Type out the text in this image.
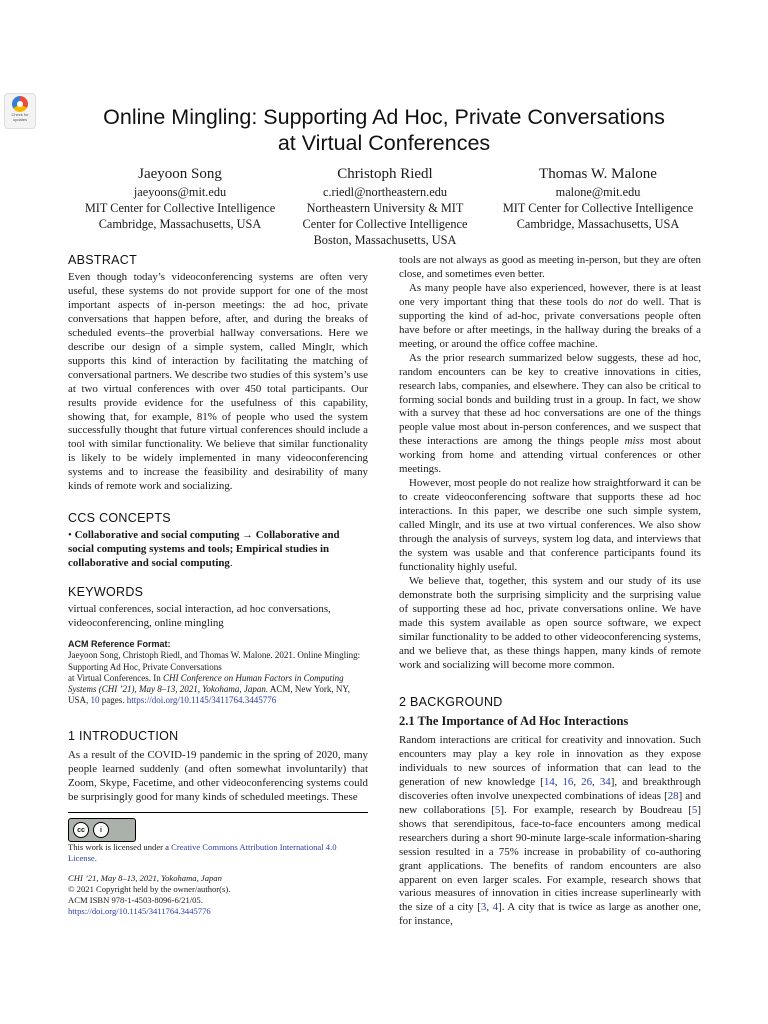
Check for
updates	Online Mingling: Supporting Ad Hoc, Private Conversations
at Virtual Conferences
Jaeyoon Song
jaeyoons@mit.edu
MIT Center for Collective Intelligence
Cambridge, Massachusetts, USA
Christoph Riedl
c.riedl@northeastern.edu
Northeastern University & MIT
Center for Collective Intelligence
Boston, Massachusetts, USA
Thomas W. Malone
malone@mit.edu
MIT Center for Collective Intelligence
Cambridge, Massachusetts, USA
ABSTRACT

Even though today’s videoconferencing systems are often very useful, these systems do not provide support for one of the most important aspects of in-person meetings: the ad hoc, private conversations that happen before, after, and during the breaks of scheduled events–the proverbial hallway conversations. Here we describe our design of a simple system, called Minglr, which supports this kind of interaction by facilitating the matching of conversational partners. We describe two studies of this system’s use at two virtual conferences with over 450 total participants. Our results provide evidence for the usefulness of this capability, showing that, for example, 81% of people who used the system successfully thought that future virtual conferences should include a tool with similar functionality. We believe that similar functionality is likely to be widely implemented in many videoconferencing systems and to increase the feasibility and desirability of many kinds of remote work and socializing.

CCS CONCEPTS
• Collaborative and social computing → Collaborative and social computing systems and tools; Empirical studies in collaborative and social computing.
KEYWORDS
virtual conferences, social interaction, ad hoc conversations, videoconferencing, online mingling
ACM Reference Format:
Jaeyoon Song, Christoph Riedl, and Thomas W. Malone. 2021. Online Mingling: Supporting Ad Hoc, Private Conversations
at Virtual Conferences. In CHI Conference on Human Factors in Computing Systems (CHI ’21), May 8–13, 2021, Yokohama, Japan. ACM, New York, NY, USA, 10 pages. https://doi.org/10.1145/3411764.3445776
1 INTRODUCTION

As a result of the COVID-19 pandemic in the spring of 2020, many people learned suddenly (and often somewhat involuntarily) that Zoom, Skype, Facetime, and other videoconferencing systems could be surprisingly good for many kinds of scheduled meetings. These

cc	i
This work is licensed under a Creative Commons Attribution International 4.0 License.
CHI ’21, May 8–13, 2021, Yokohama, Japan
© 2021 Copyright held by the owner/author(s).
ACM ISBN 978-1-4503-8096-6/21/05.
https://doi.org/10.1145/3411764.3445776

tools are not always as good as meeting in-person, but they are often close, and sometimes even better.

As many people have also experienced, however, there is at least one very important thing that these tools do not do well. That is supporting the kind of ad-hoc, private conversations people often have before or after meetings, in the hallway during the breaks of a meeting, or around the office coffee machine.

As the prior research summarized below suggests, these ad hoc, random encounters can be key to creative innovations in cities, research labs, companies, and elsewhere. They can also be critical to forming social bonds and building trust in a group. In fact, we show with a survey that these ad hoc conversations are one of the things people value most about in-person conferences, and we suspect that these interactions are among the things people miss most about working from home and attending virtual conferences or other meetings.

However, most people do not realize how straightforward it can be to create videoconferencing software that supports these ad hoc interactions. In this paper, we describe one such simple system, called Minglr, and its use at two virtual conferences. We also show through the analysis of surveys, system log data, and interviews that the system was usable and that conference participants found its functionality highly useful.

We believe that, together, this system and our study of its use demonstrate both the surprising simplicity and the surprising value of supporting these ad hoc, private conversations online. We have made this system available as open source software, we expect similar functionality to be added to other videoconferencing systems, and we believe that, as these things happen, many kinds of remote work and socializing will become more common.

2 BACKGROUND
2.1 The Importance of Ad Hoc Interactions

Random interactions are critical for creativity and innovation. Such encounters may play a key role in innovation as they expose individuals to new sources of information that can lead to the generation of new knowledge [14, 16, 26, 34], and breakthrough discoveries often involve unexpected combinations of ideas [28] and new collaborations [5]. For example, research by Boudreau [5] shows that serendipitous, face-to-face encounters among medical researchers during a short 90-minute large-scale information-sharing session resulted in a 75% increase in probability of co-authoring grant applications. The benefits of random encounters are also apparent on even larger scales. For example, research shows that various measures of innovation in cities increase superlinearly with the size of a city [3, 4]. A city that is twice as large as another one, for instance,
